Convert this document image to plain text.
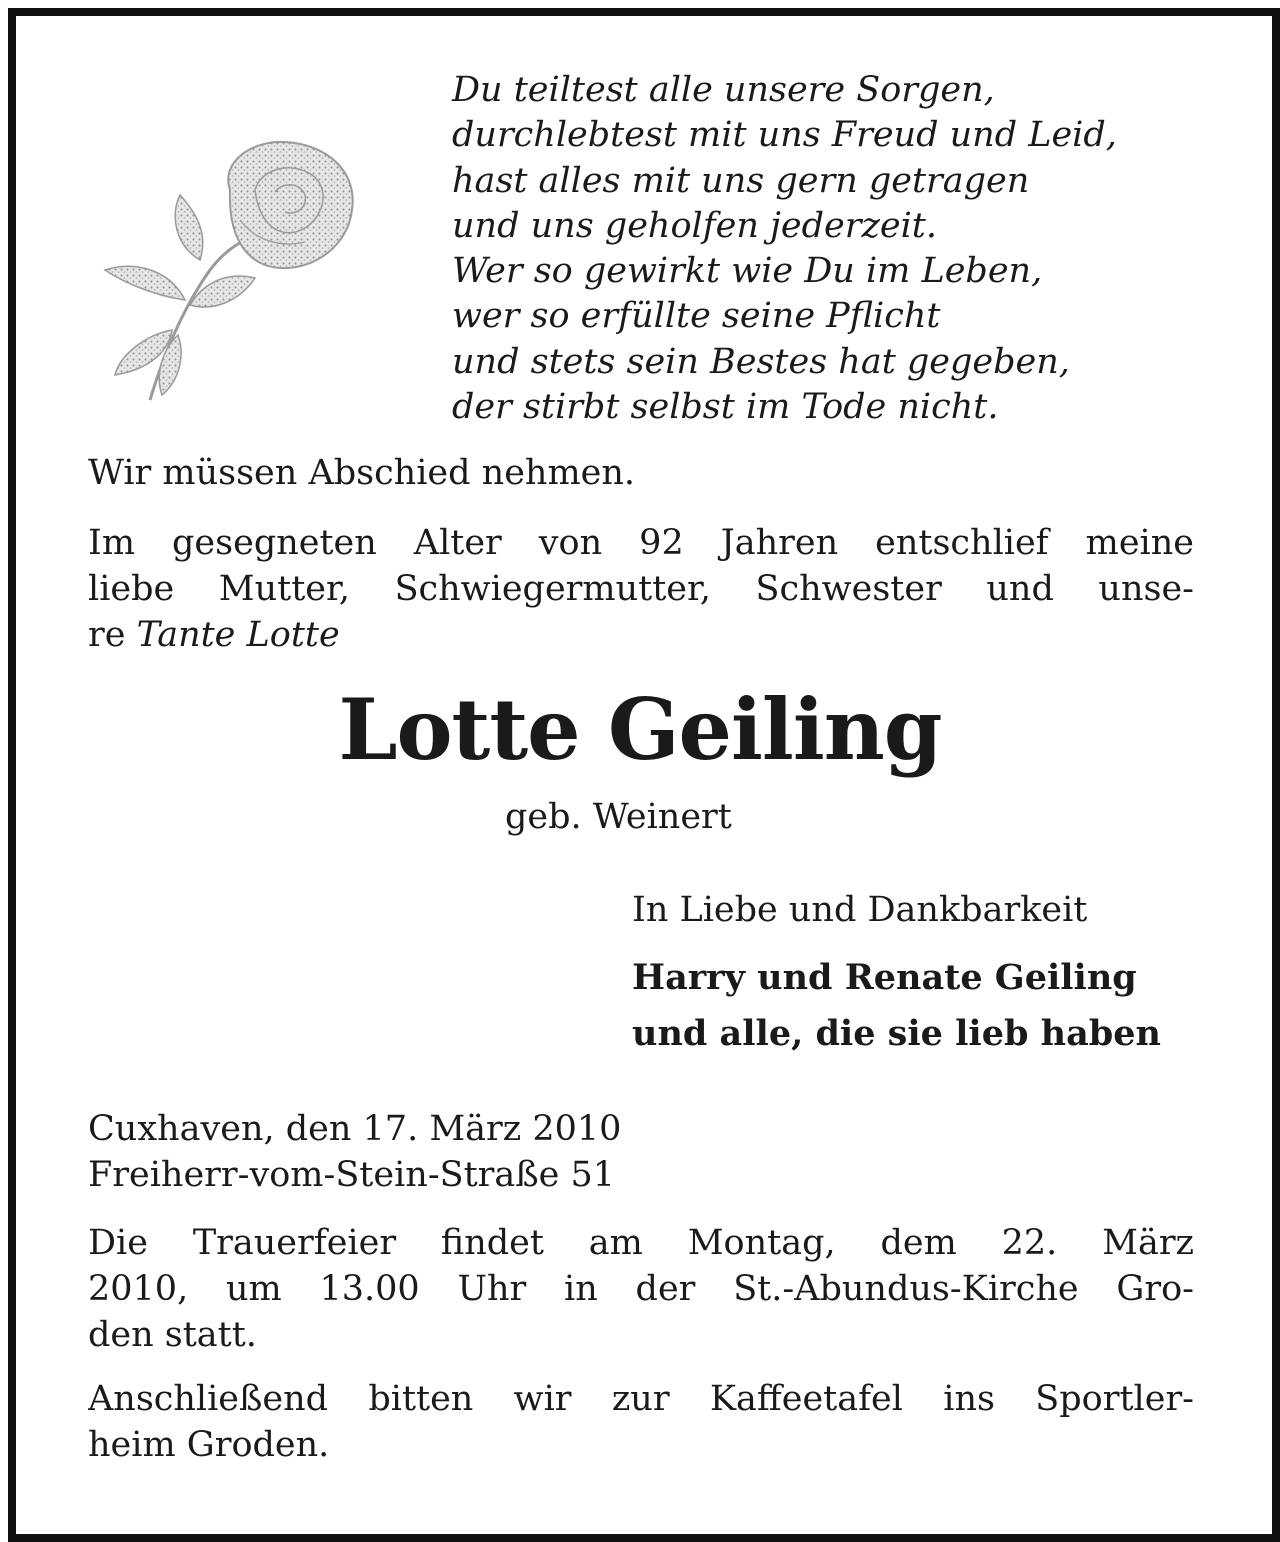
Du teiltest alle unsere Sorgen,
durchlebtest mit uns Freud und Leid,
hast alles mit uns gern getragen
und uns geholfen jederzeit.
Wer so gewirkt wie Du im Leben,
wer so erfüllte seine Pflicht
und stets sein Bestes hat gegeben,
der stirbt selbst im Tode nicht.
Wir müssen Abschied nehmen.
Im gesegneten Alter von 92 Jahren entschlief meine
liebe Mutter, Schwiegermutter, Schwester und unse-
re Tante Lotte
Lotte Geiling
geb. Weinert
In Liebe und Dankbarkeit
Harry und Renate Geiling
und alle, die sie lieb haben
Cuxhaven, den 17. März 2010
Freiherr-vom-Stein-Straße 51
Die Trauerfeier findet am Montag, dem 22. März
2010, um 13.00 Uhr in der St.-Abundus-Kirche Gro-
den statt.
Anschließend bitten wir zur Kaffeetafel ins Sportler-
heim Groden.
